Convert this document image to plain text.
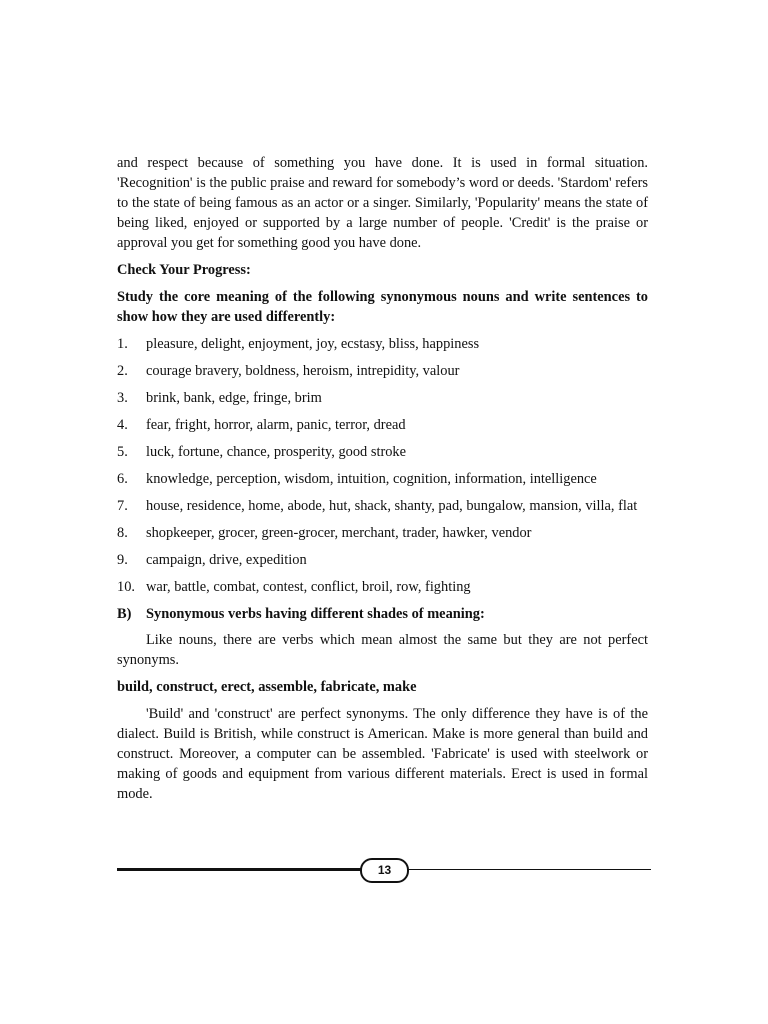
and respect because of something you have done. It is used in formal situation. 'Recognition' is the public praise and reward for somebody’s word or deeds. 'Stardom' refers to the state of being famous as an actor or a singer. Similarly, 'Popularity' means the state of being liked, enjoyed or supported by a large number of people. 'Credit' is the praise or approval you get for something good you have done.

Check Your Progress:

Study the core meaning of the following synonymous nouns and write sentences to show how they are used differently:

1. pleasure, delight, enjoyment, joy, ecstasy, bliss, happiness
2. courage bravery, boldness, heroism, intrepidity, valour
3. brink, bank, edge, fringe, brim
4. fear, fright, horror, alarm, panic, terror, dread
5. luck, fortune, chance, prosperity, good stroke
6. knowledge, perception, wisdom, intuition, cognition, information, intelligence
7. house, residence, home, abode, hut, shack, shanty, pad, bungalow, mansion, villa, flat
8. shopkeeper, grocer, green-grocer, merchant, trader, hawker, vendor
9. campaign, drive, expedition
10. war, battle, combat, contest, conflict, broil, row, fighting

B) Synonymous verbs having different shades of meaning:

Like nouns, there are verbs which mean almost the same but they are not perfect synonyms.

build, construct, erect, assemble, fabricate, make

'Build' and 'construct' are perfect synonyms. The only difference they have is of the dialect. Build is British, while construct is American. Make is more general than build and construct. Moreover, a computer can be assembled. 'Fabricate' is used with steelwork or making of goods and equipment from various different materials. Erect is used in formal mode.

13
